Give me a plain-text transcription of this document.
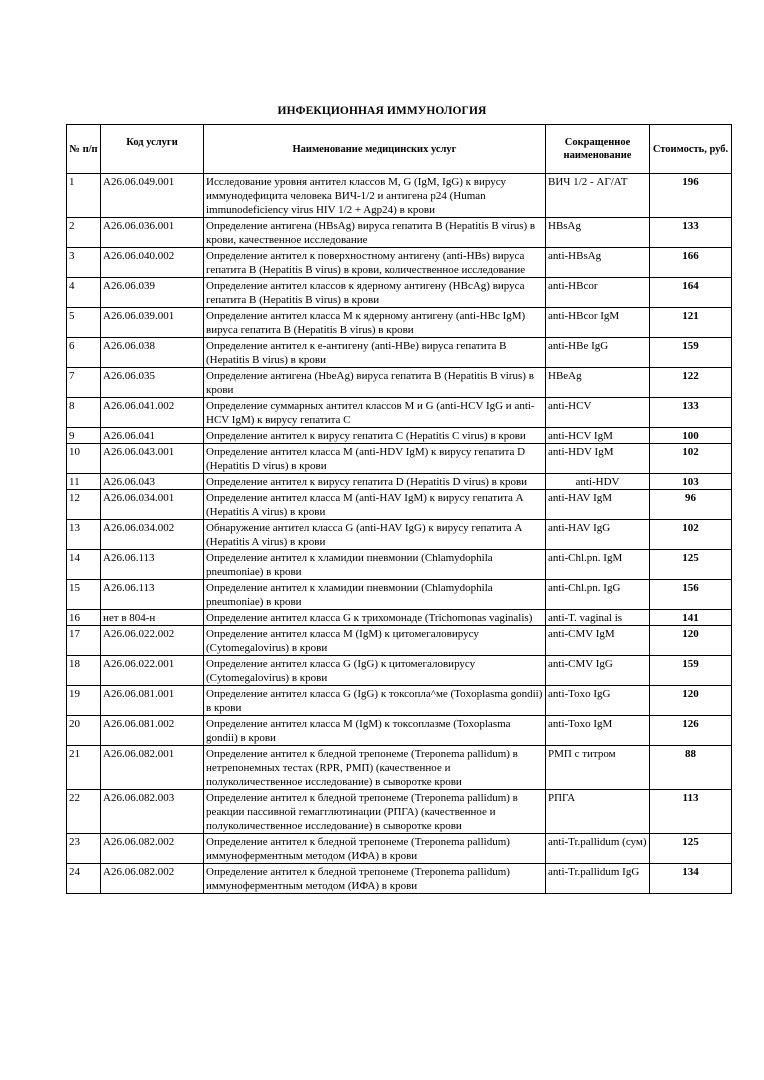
ИНФЕКЦИОННАЯ ИММУНОЛОГИЯ
№ п/п	Код услуги	Наименование медицинских услуг	Сокращенное наименование	Стоимость, руб.
1	A26.06.049.001	Исследование уровня антител классов M, G (IgM, IgG) к вирусу иммунодефицита человека ВИЧ-1/2 и антигена p24 (Human immunodeficiency virus HIV 1/2 + Agp24) в крови	ВИЧ 1/2 - АГ/АТ	196
2	A26.06.036.001	Определение антигена (HBsAg) вируса гепатита B (Hepatitis B virus) в крови, качественное исследование	HBsAg	133
3	A26.06.040.002	Определение антител к поверхностному антигену (anti-HBs) вируса гепатита B (Hepatitis B virus) в крови, количественное исследование	anti-HBsAg	166
4	A26.06.039	Определение антител классов к ядерному антигену (HBcAg) вируса гепатита B (Hepatitis B virus) в крови	anti-HBcor	164
5	A26.06.039.001	Определение антител класса M к ядерному антигену (anti-HBc IgM) вируса гепатита B (Hepatitis B virus) в крови	anti-HBcor IgM	121
6	A26.06.038	Определение антител к e-антигену (anti-HBe) вируса гепатита B (Hepatitis B virus) в крови	anti-HBe IgG	159
7	A26.06.035	Определение антигена (HbeAg) вируса гепатита B (Hepatitis B virus) в крови	HBeAg	122
8	A26.06.041.002	Определение суммарных антител классов M и G (anti-HCV IgG и anti-HCV IgM) к вирусу гепатита C	anti-HCV	133
9	A26.06.041	Определение антител к вирусу гепатита C (Hepatitis C virus) в крови	anti-HCV IgM	100
10	A26.06.043.001	Определение антител класса M (anti-HDV IgM) к вирусу гепатита D (Hepatitis D virus) в крови	anti-HDV IgM	102
11	A26.06.043	Определение антител к вирусу гепатита D (Hepatitis D virus) в крови	anti-HDV	103
12	A26.06.034.001	Определение антител класса M (anti-HAV IgM) к вирусу гепатита A (Hepatitis A virus) в крови	anti-HAV IgM	96
13	A26.06.034.002	Обнаружение антител класса G (anti-HAV IgG) к вирусу гепатита A (Hepatitis A virus) в крови	anti-HAV IgG	102
14	A26.06.113	Определение антител к хламидии пневмонии (Chlamydophila pneumoniae) в крови	anti-Chl.pn. IgM	125
15	A26.06.113	Определение антител к хламидии пневмонии (Chlamydophila pneumoniae) в крови	anti-Chl.pn. IgG	156
16	нет в 804-н	Определение антител класса G к трихомонаде (Trichomonas vaginalis)	anti-T. vaginal is	141
17	A26.06.022.002	Определение антител класса M (IgM) к цитомегаловирусу (Cytomegalovirus) в крови	anti-CMV IgM	120
18	A26.06.022.001	Определение антител класса G (IgG) к цитомегаловирусу (Cytomegalovirus) в крови	anti-CMV IgG	159
19	A26.06.081.001	Определение антител класса G (IgG) к токсопла^ме (Toxoplasma gondii) в крови	anti-Toxo IgG	120
20	A26.06.081.002	Определение антител класса M (IgM) к токсоплазме (Toxoplasma gondii) в крови	anti-Toxo IgM	126
21	A26.06.082.001	Определение антител к бледной трепонеме (Treponema pallidum) в нетрепонемных тестах (RPR, РМП) (качественное и полуколичественное исследование) в сыворотке крови	РМП с титром	88
22	A26.06.082.003	Определение антител к бледной трепонеме (Treponema pallidum) в реакции пассивной гемагглютинации (РПГА) (качественное и полуколичественное исследование) в сыворотке крови	РПГА	113
23	A26.06.082.002	Определение антител к бледной трепонеме (Treponema pallidum) иммуноферментным методом (ИФА) в крови	anti-Tr.pallidum (сум)	125
24	A26.06.082.002	Определение антител к бледной трепонеме (Treponema pallidum) иммуноферментным методом (ИФА) в крови	anti-Tr.pallidum IgG	134
